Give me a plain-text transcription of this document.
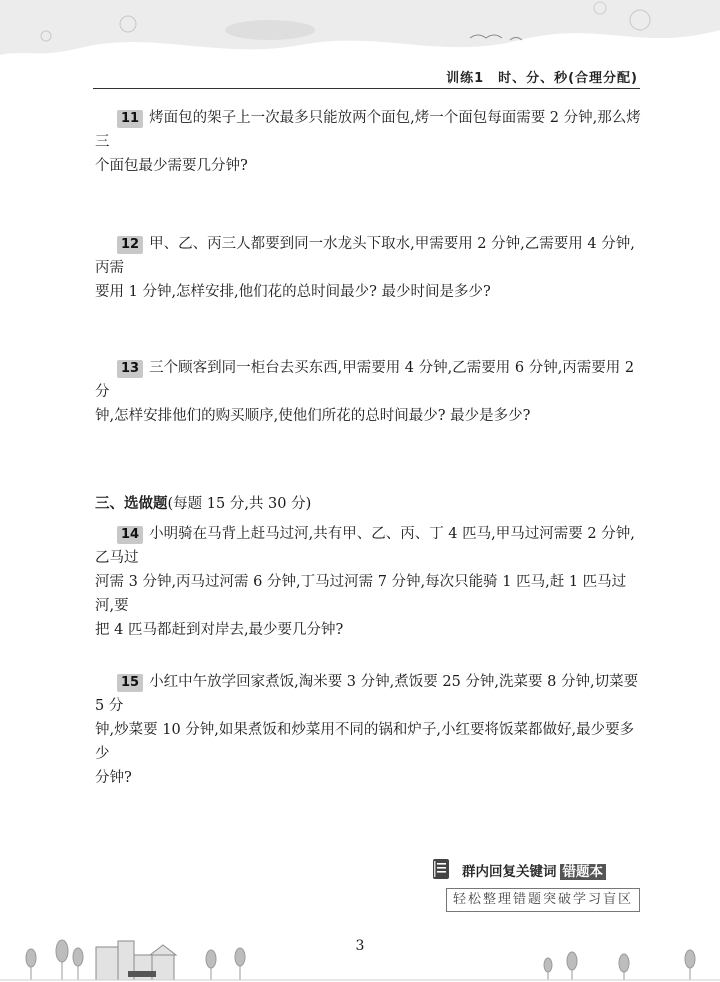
训练1　时、分、秒(合理分配)
11 烤面包的架子上一次最多只能放两个面包,烤一个面包每面需要 2 分钟,那么烤三
个面包最少需要几分钟?
12 甲、乙、丙三人都要到同一水龙头下取水,甲需要用 2 分钟,乙需要用 4 分钟,丙需
要用 1 分钟,怎样安排,他们花的总时间最少? 最少时间是多少?
13 三个顾客到同一柜台去买东西,甲需要用 4 分钟,乙需要用 6 分钟,丙需要用 2 分
钟,怎样安排他们的购买顺序,使他们所花的总时间最少? 最少是多少?
三、选做题(每题 15 分,共 30 分)
14 小明骑在马背上赶马过河,共有甲、乙、丙、丁 4 匹马,甲马过河需要 2 分钟,乙马过
河需 3 分钟,丙马过河需 6 分钟,丁马过河需 7 分钟,每次只能骑 1 匹马,赶 1 匹马过河,要
把 4 匹马都赶到对岸去,最少要几分钟?
15 小红中午放学回家煮饭,淘米要 3 分钟,煮饭要 25 分钟,洗菜要 8 分钟,切菜要 5 分
钟,炒菜要 10 分钟,如果煮饭和炒菜用不同的锅和炉子,小红要将饭菜都做好,最少要多少
分钟?
群内回复关键词 错题本
轻松整理错题突破学习盲区
3
